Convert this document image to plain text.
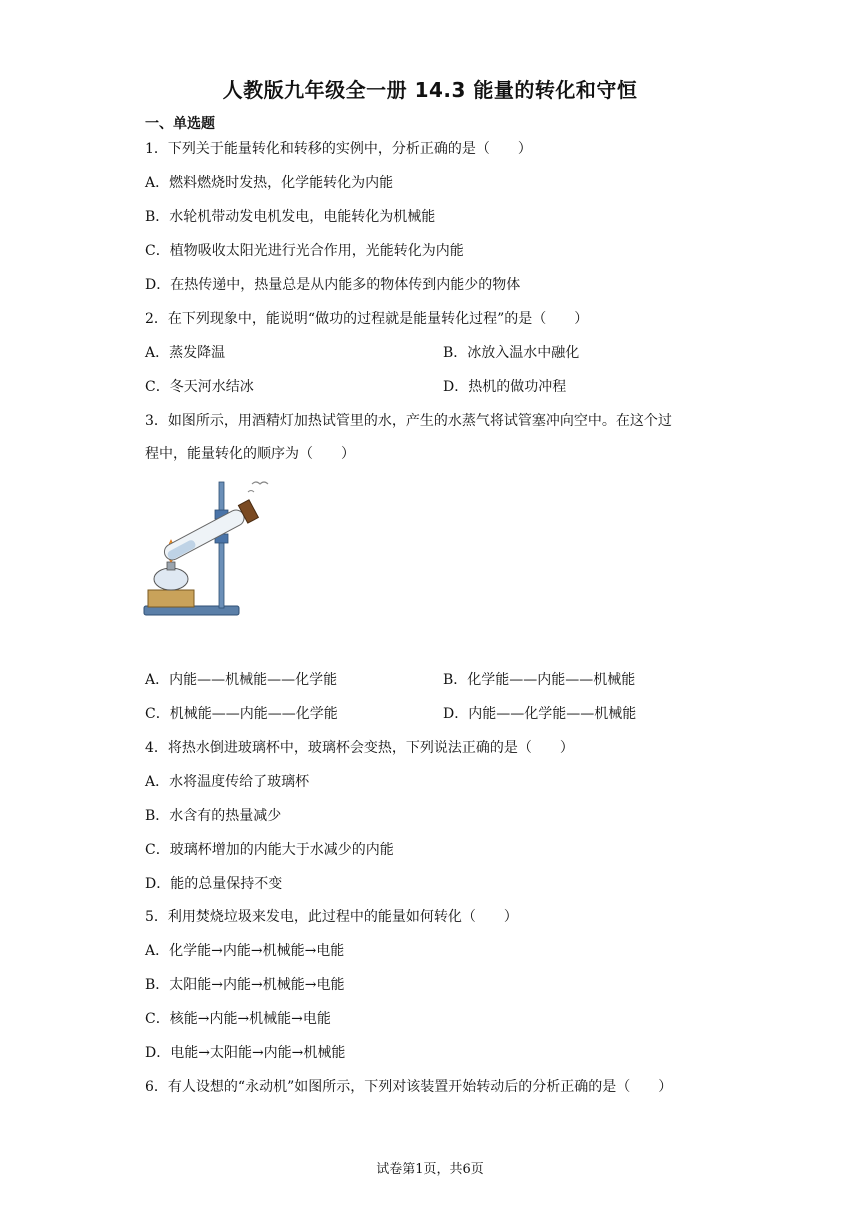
人教版九年级全一册 14.3 能量的转化和守恒
一、单选题
1．下列关于能量转化和转移的实例中，分析正确的是（　　）
A．燃料燃烧时发热，化学能转化为内能
B．水轮机带动发电机发电，电能转化为机械能
C．植物吸收太阳光进行光合作用，光能转化为内能
D．在热传递中，热量总是从内能多的物体传到内能少的物体
2．在下列现象中，能说明“做功的过程就是能量转化过程”的是（　　）
A．蒸发降温	B．冰放入温水中融化
C．冬天河水结冰	D．热机的做功冲程
3．如图所示，用酒精灯加热试管里的水，产生的水蒸气将试管塞冲向空中。在这个过
程中，能量转化的顺序为（　　）
A．内能——机械能——化学能	B．化学能——内能——机械能
C．机械能——内能——化学能	D．内能——化学能——机械能
4．将热水倒进玻璃杯中，玻璃杯会变热，下列说法正确的是（　　）
A．水将温度传给了玻璃杯
B．水含有的热量减少
C．玻璃杯增加的内能大于水减少的内能
D．能的总量保持不变
5．利用焚烧垃圾来发电，此过程中的能量如何转化（　　）
A．化学能→内能→机械能→电能
B．太阳能→内能→机械能→电能
C．核能→内能→机械能→电能
D．电能→太阳能→内能→机械能
6．有人设想的“永动机”如图所示，下列对该装置开始转动后的分析正确的是（　　）
试卷第1页，共6页
